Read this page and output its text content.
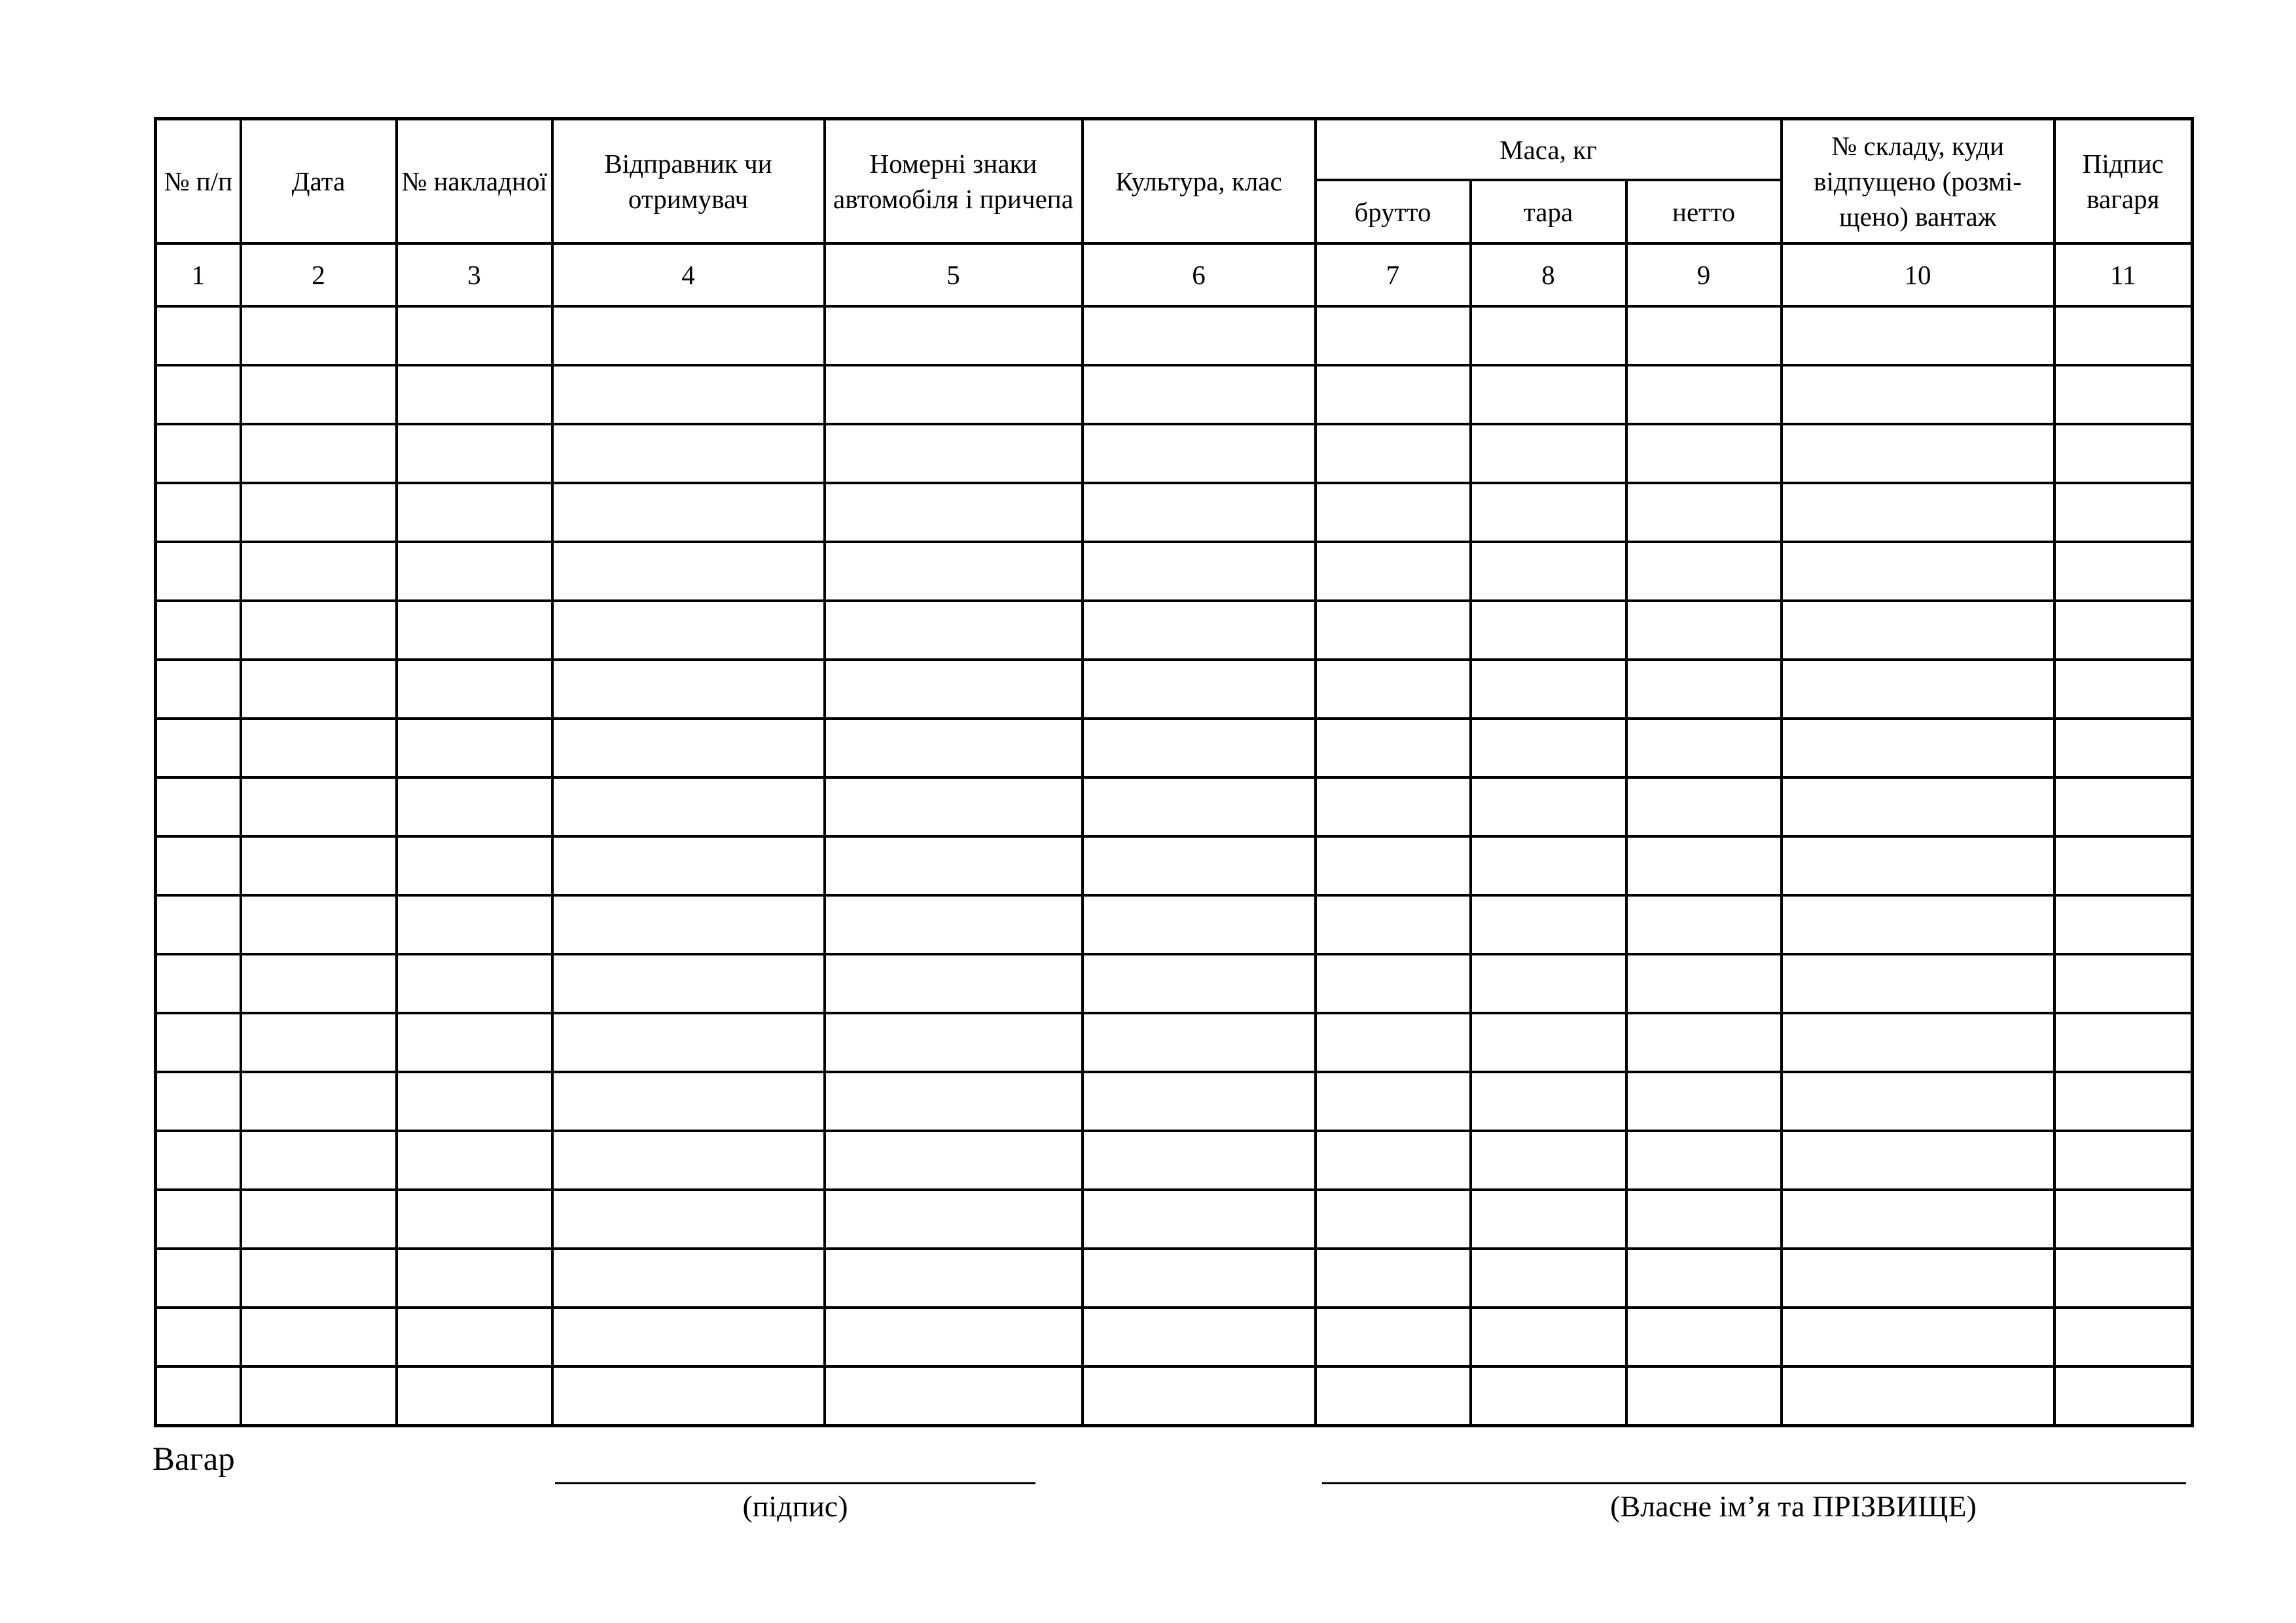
№ п/п	Дата	№ накладної	Відправник чи отримувач	Номерні знаки автомобіля і причепа	Культура, клас	Маса, кг			№ складу, куди відпущено (розмі- щено) вантаж	Підпис вагаря
						брутто	тара	нетто		
1	2	3	4	5	6	7	8	9	10	11

Вагар
(підпис)	(Власне ім’я та ПРІЗВИЩЕ)
